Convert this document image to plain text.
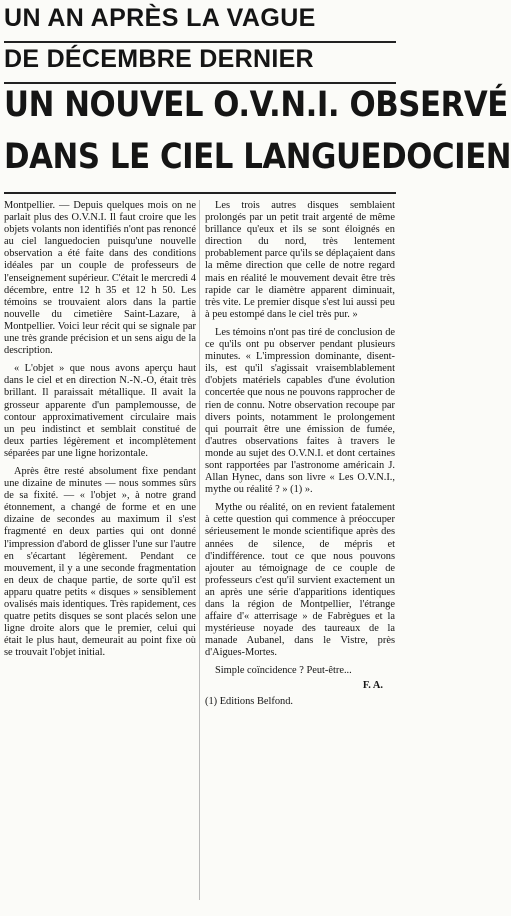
UN AN APRÈS LA VAGUE
DE DÉCEMBRE DERNIER
UN NOUVEL O.V.N.I. OBSERVÉ
DANS LE CIEL LANGUEDOCIEN

Montpellier. — Depuis quelques mois on ne parlait plus des O.V.N.I. Il faut croire que les objets volants non identifiés n'ont pas renoncé au ciel languedocien puisqu'une nouvelle observation a été faite dans des conditions idéales par un couple de professeurs de l'enseignement supérieur. C'était le mercredi 4 décembre, entre 12 h 35 et 12 h 50. Les témoins se trouvaient alors dans la partie nouvelle du cimetière Saint-Lazare, à Montpellier. Voici leur récit qui se signale par une très grande précision et un sens aigu de la description.

« L'objet » que nous avons aperçu haut dans le ciel et en direction N.-N.-O, était très brillant. Il paraissait métallique. Il avait la grosseur apparente d'un pamplemousse, de contour approximativement circulaire mais un peu indistinct et semblait constitué de deux parties légèrement et incomplètement séparées par une ligne horizontale.

Après être resté absolument fixe pendant une dizaine de minutes — nous sommes sûrs de sa fixité. — « l'objet », à notre grand étonnement, a changé de forme et en une dizaine de secondes au maximum il s'est fragmenté en deux parties qui ont donné l'impression d'abord de glisser l'une sur l'autre en s'écartant légèrement. Pendant ce mouvement, il y a une seconde fragmentation en deux de chaque partie, de sorte qu'il est apparu quatre petits « disques » sensiblement ovalisés mais identiques. Très rapidement, ces quatre petits disques se sont placés selon une ligne droite alors que le premier, celui qui était le plus haut, demeurait au point fixe où se trouvait l'objet initial.

Les trois autres disques semblaient prolongés par un petit trait argenté de même brillance qu'eux et ils se sont éloignés en direction du nord, très lentement probablement parce qu'ils se déplaçaient dans la même direction que celle de notre regard mais en réalité le mouvement devait être très rapide car le diamètre apparent diminuait, très vite. Le premier disque s'est lui aussi peu à peu estompé dans le ciel très pur. »

Les témoins n'ont pas tiré de conclusion de ce qu'ils ont pu observer pendant plusieurs minutes. « L'impression dominante, disent-ils, est qu'il s'agissait vraisemblablement d'objets matériels capables d'une évolution concertée que nous ne pouvons rapprocher de rien de connu. Notre observation recoupe par divers points, notamment le prolongement qui pourrait être une émission de fumée, d'autres observations faites à travers le monde au sujet des O.V.N.I. et dont certaines sont rapportées par l'astronome américain J. Allan Hynec, dans son livre « Les O.V.N.I., mythe ou réalité ? » (1) ».

Mythe ou réalité, on en revient fatalement à cette question qui commence à préoccuper sérieusement le monde scientifique après des années de silence, de mépris et d'indifférence. tout ce que nous pouvons ajouter au témoignage de ce couple de professeurs c'est qu'il survient exactement un an après une série d'apparitions identiques dans la région de Montpellier, l'étrange affaire d'« atterrisage » de Fabrègues et la mystérieuse noyade des taureaux de la manade Aubanel, dans le Vistre, près d'Aigues-Mortes.

Simple coïncidence ? Peut-être...

F. A.

(1) Editions Belfond.
